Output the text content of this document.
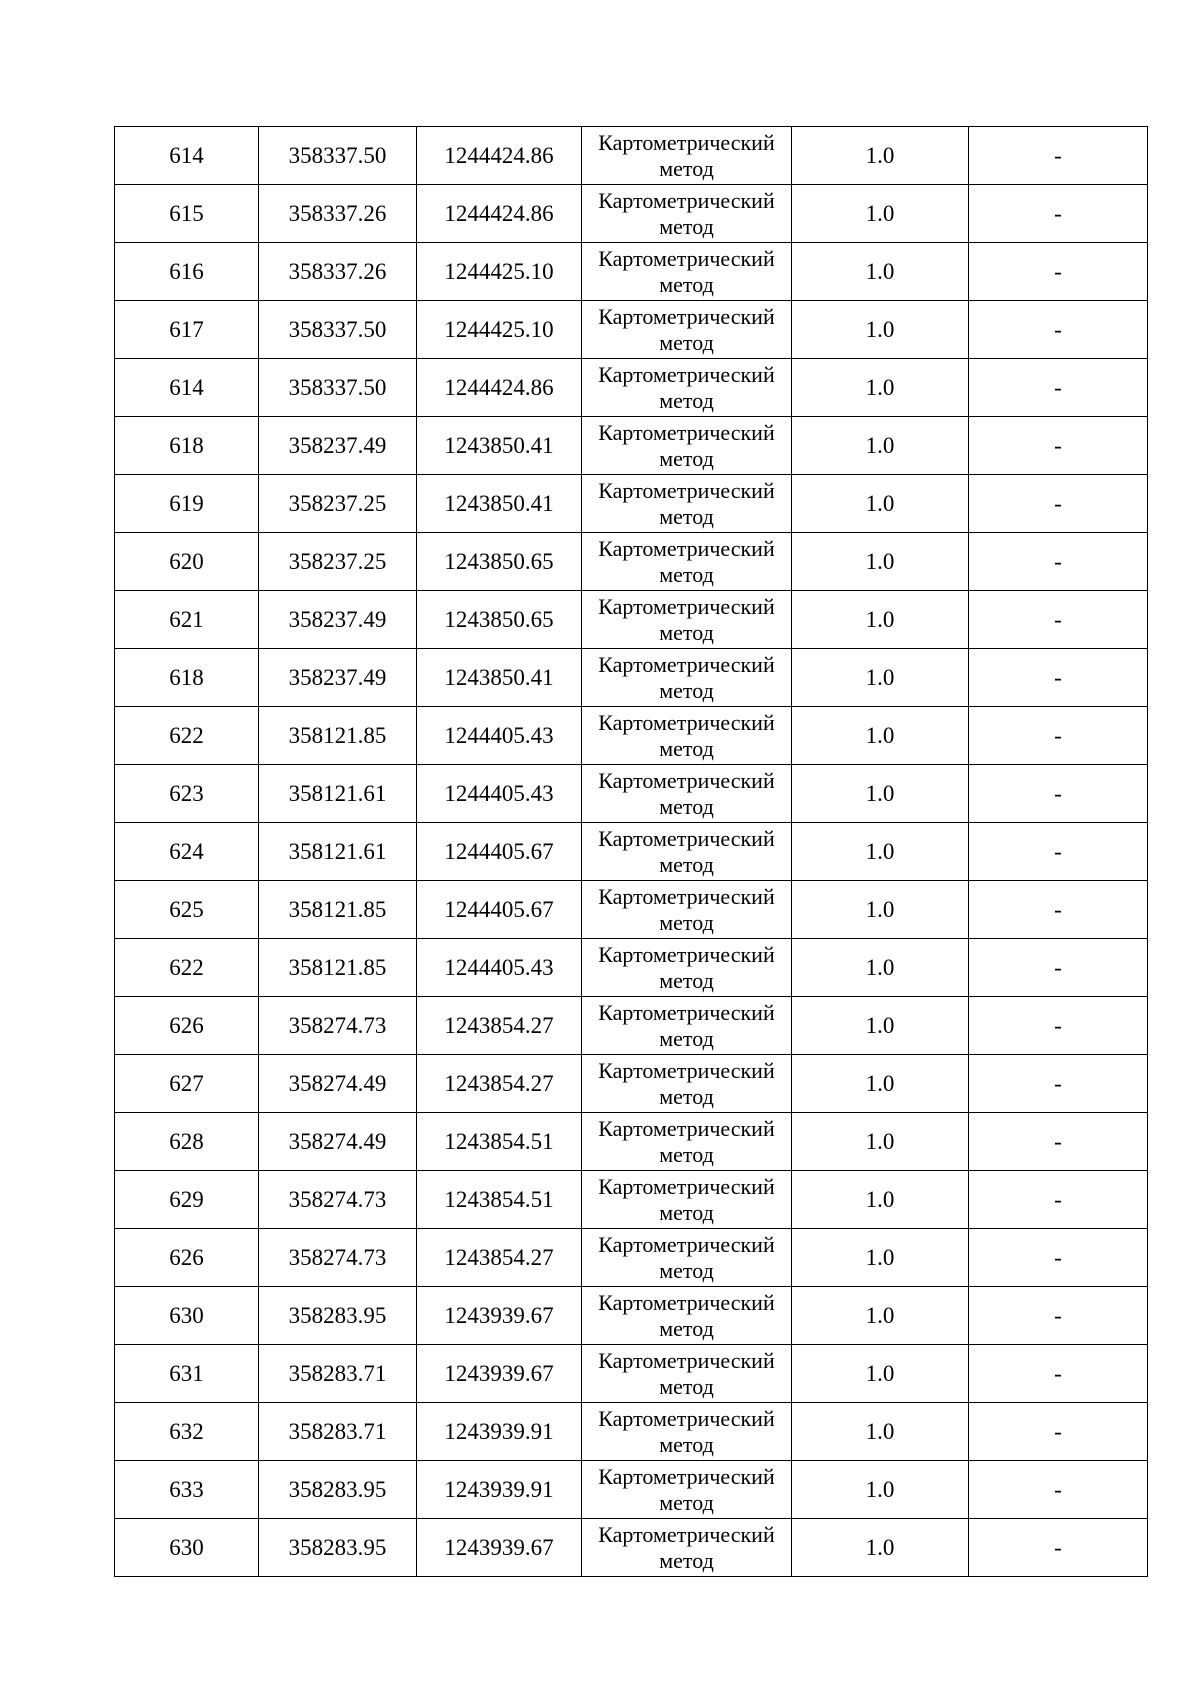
614	358337.50	1244424.86	Картометрический
метод	1.0	-
615	358337.26	1244424.86	Картометрический
метод	1.0	-
616	358337.26	1244425.10	Картометрический
метод	1.0	-
617	358337.50	1244425.10	Картометрический
метод	1.0	-
614	358337.50	1244424.86	Картометрический
метод	1.0	-
618	358237.49	1243850.41	Картометрический
метод	1.0	-
619	358237.25	1243850.41	Картометрический
метод	1.0	-
620	358237.25	1243850.65	Картометрический
метод	1.0	-
621	358237.49	1243850.65	Картометрический
метод	1.0	-
618	358237.49	1243850.41	Картометрический
метод	1.0	-
622	358121.85	1244405.43	Картометрический
метод	1.0	-
623	358121.61	1244405.43	Картометрический
метод	1.0	-
624	358121.61	1244405.67	Картометрический
метод	1.0	-
625	358121.85	1244405.67	Картометрический
метод	1.0	-
622	358121.85	1244405.43	Картометрический
метод	1.0	-
626	358274.73	1243854.27	Картометрический
метод	1.0	-
627	358274.49	1243854.27	Картометрический
метод	1.0	-
628	358274.49	1243854.51	Картометрический
метод	1.0	-
629	358274.73	1243854.51	Картометрический
метод	1.0	-
626	358274.73	1243854.27	Картометрический
метод	1.0	-
630	358283.95	1243939.67	Картометрический
метод	1.0	-
631	358283.71	1243939.67	Картометрический
метод	1.0	-
632	358283.71	1243939.91	Картометрический
метод	1.0	-
633	358283.95	1243939.91	Картометрический
метод	1.0	-
630	358283.95	1243939.67	Картометрический
метод	1.0	-
